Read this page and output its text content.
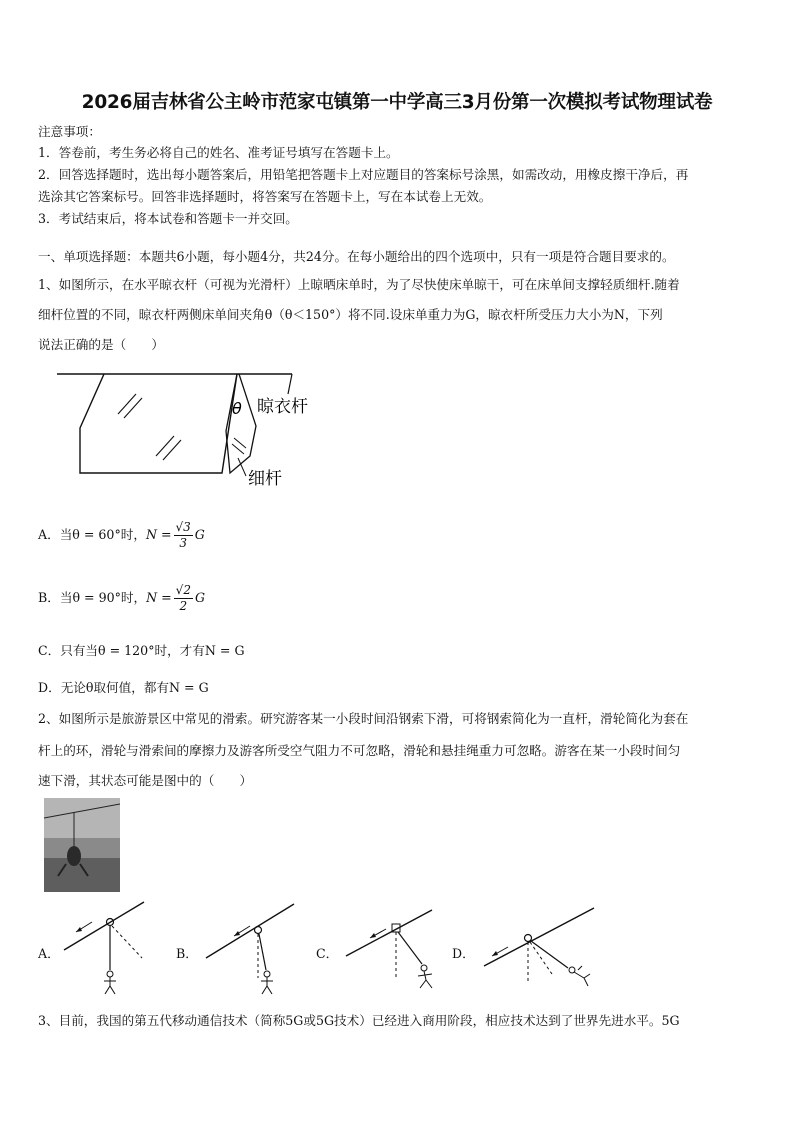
2026届吉林省公主岭市范家屯镇第一中学高三3月份第一次模拟考试物理试卷
注意事项：
1．答卷前，考生务必将自己的姓名、准考证号填写在答题卡上。
2．回答选择题时，选出每小题答案后，用铅笔把答题卡上对应题目的答案标号涂黑，如需改动，用橡皮擦干净后，再
选涂其它答案标号。回答非选择题时，将答案写在答题卡上，写在本试卷上无效。
3．考试结束后，将本试卷和答题卡一并交回。
一、单项选择题：本题共6小题，每小题4分，共24分。在每小题给出的四个选项中，只有一项是符合题目要求的。
1、如图所示，在水平晾衣杆（可视为光滑杆）上晾晒床单时，为了尽快使床单晾干，可在床单间支撑轻质细杆.随着
细杆位置的不同，晾衣杆两侧床单间夹角θ（θ＜150°）将不同.设床单重力为G，晾衣杆所受压力大小为N，下列
说法正确的是（　　）
θ 晾衣杆
细杆
A．当θ = 60°时，$N = \frac{√3}{3}$ G
B．当θ = 90°时，$N = \frac{√2}{2}$ G
C．只有当θ = 120°时，才有N = G
D．无论θ取何值，都有N = G
2、如图所示是旅游景区中常见的滑索。研究游客某一小段时间沿钢索下滑，可将钢索简化为一直杆，滑轮简化为套在
杆上的环，滑轮与滑索间的摩擦力及游客所受空气阻力不可忽略，滑轮和悬挂绳重力可忽略。游客在某一小段时间匀
速下滑，其状态可能是图中的（　　）
A．	B．	C．	D．
3、目前，我国的第五代移动通信技术（简称5G或5G技术）已经进入商用阶段，相应技术达到了世界先进水平。5G
